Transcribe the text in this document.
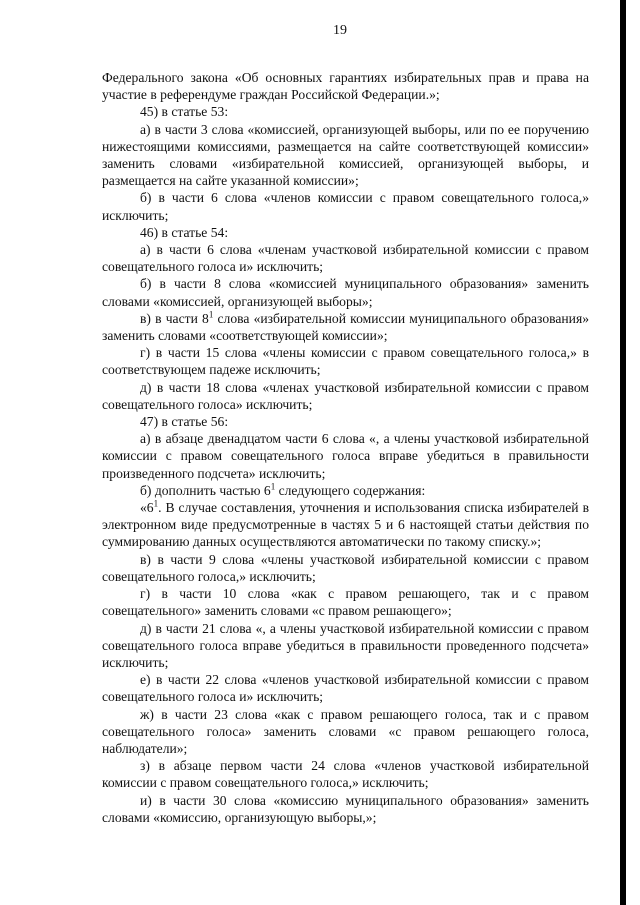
19

Федерального закона «Об основных гарантиях избирательных прав и права на участие в референдуме граждан Российской Федерации.»;

45) в статье 53:

а) в части 3 слова «комиссией, организующей выборы, или по ее поручению нижестоящими комиссиями, размещается на сайте соответствующей комиссии» заменить словами «избирательной комиссией, организующей выборы, и размещается на сайте указанной комиссии»;

б) в части 6 слова «членов комиссии с правом совещательного голоса,» исключить;

46) в статье 54:

а) в части 6 слова «членам участковой избирательной комиссии с правом совещательного голоса и» исключить;

б) в части 8 слова «комиссией муниципального образования» заменить словами «комиссией, организующей выборы»;

в) в части $8^1$ слова «избирательной комиссии муниципального образования» заменить словами «соответствующей комиссии»;

г) в части 15 слова «члены комиссии с правом совещательного голоса,» в соответствующем падеже исключить;

д) в части 18 слова «членах участковой избирательной комиссии с правом совещательного голоса» исключить;

47) в статье 56:

а) в абзаце двенадцатом части 6 слова «, а члены участковой избирательной комиссии с правом совещательного голоса вправе убедиться в правильности произведенного подсчета» исключить;

б) дополнить частью $6^1$ следующего содержания:

«$6^1$. В случае составления, уточнения и использования списка избирателей в электронном виде предусмотренные в частях 5 и 6 настоящей статьи действия по суммированию данных осуществляются автоматически по такому списку.»;

в) в части 9 слова «члены участковой избирательной комиссии с правом совещательного голоса,» исключить;

г) в части 10 слова «как с правом решающего, так и с правом совещательного» заменить словами «с правом решающего»;

д) в части 21 слова «, а члены участковой избирательной комиссии с правом совещательного голоса вправе убедиться в правильности проведенного подсчета» исключить;

е) в части 22 слова «членов участковой избирательной комиссии с правом совещательного голоса и» исключить;

ж) в части 23 слова «как с правом решающего голоса, так и с правом совещательного голоса» заменить словами «с правом решающего голоса, наблюдатели»;

з) в абзаце первом части 24 слова «членов участковой избирательной комиссии с правом совещательного голоса,» исключить;

и) в части 30 слова «комиссию муниципального образования» заменить словами «комиссию, организующую выборы,»;
